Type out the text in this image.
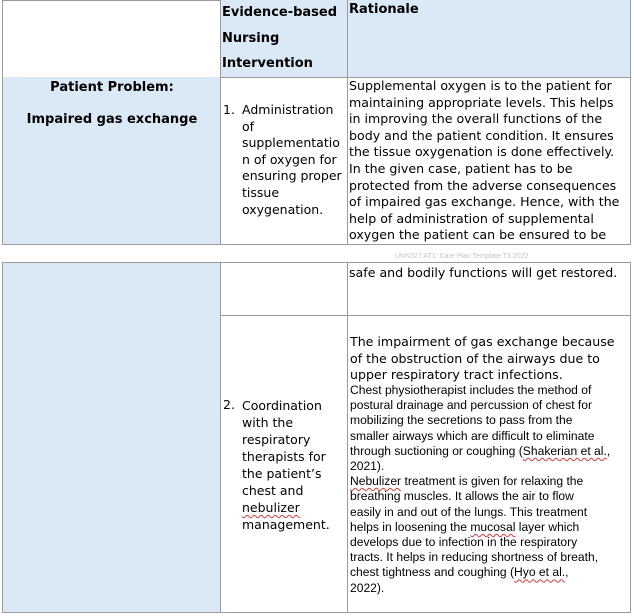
Evidence-based
Nursing
Intervention
Rationale
Patient Problem:
Impaired gas exchange
1. Administration
of
supplementatio
n of oxygen for
ensuring proper
tissue
oxygenation.
Supplemental oxygen is to the patient for
maintaining appropriate levels. This helps
in improving the overall functions of the
body and the patient condition. It ensures
the tissue oxygenation is done effectively.
In the given case, patient has to be
protected from the adverse consequences
of impaired gas exchange. Hence, with the
help of administration of supplemental
oxygen the patient can be ensured to be
UNN327 AT1: Care Plan Template T3 2022
safe and bodily functions will get restored.
2. Coordination
with the
respiratory
therapists for
the patient’s
chest and
nebulizer
management.
The impairment of gas exchange because
of the obstruction of the airways due to
upper respiratory tract infections.
Chest physiotherapist includes the method of
postural drainage and percussion of chest for
mobilizing the secretions to pass from the
smaller airways which are difficult to eliminate
through suctioning or coughing (Shakerian et al.,
2021).
Nebulizer treatment is given for relaxing the
breathing muscles. It allows the air to flow
easily in and out of the lungs. This treatment
helps in loosening the mucosal layer which
develops due to infection in the respiratory
tracts. It helps in reducing shortness of breath,
chest tightness and coughing (Hyo et al.,
2022).
